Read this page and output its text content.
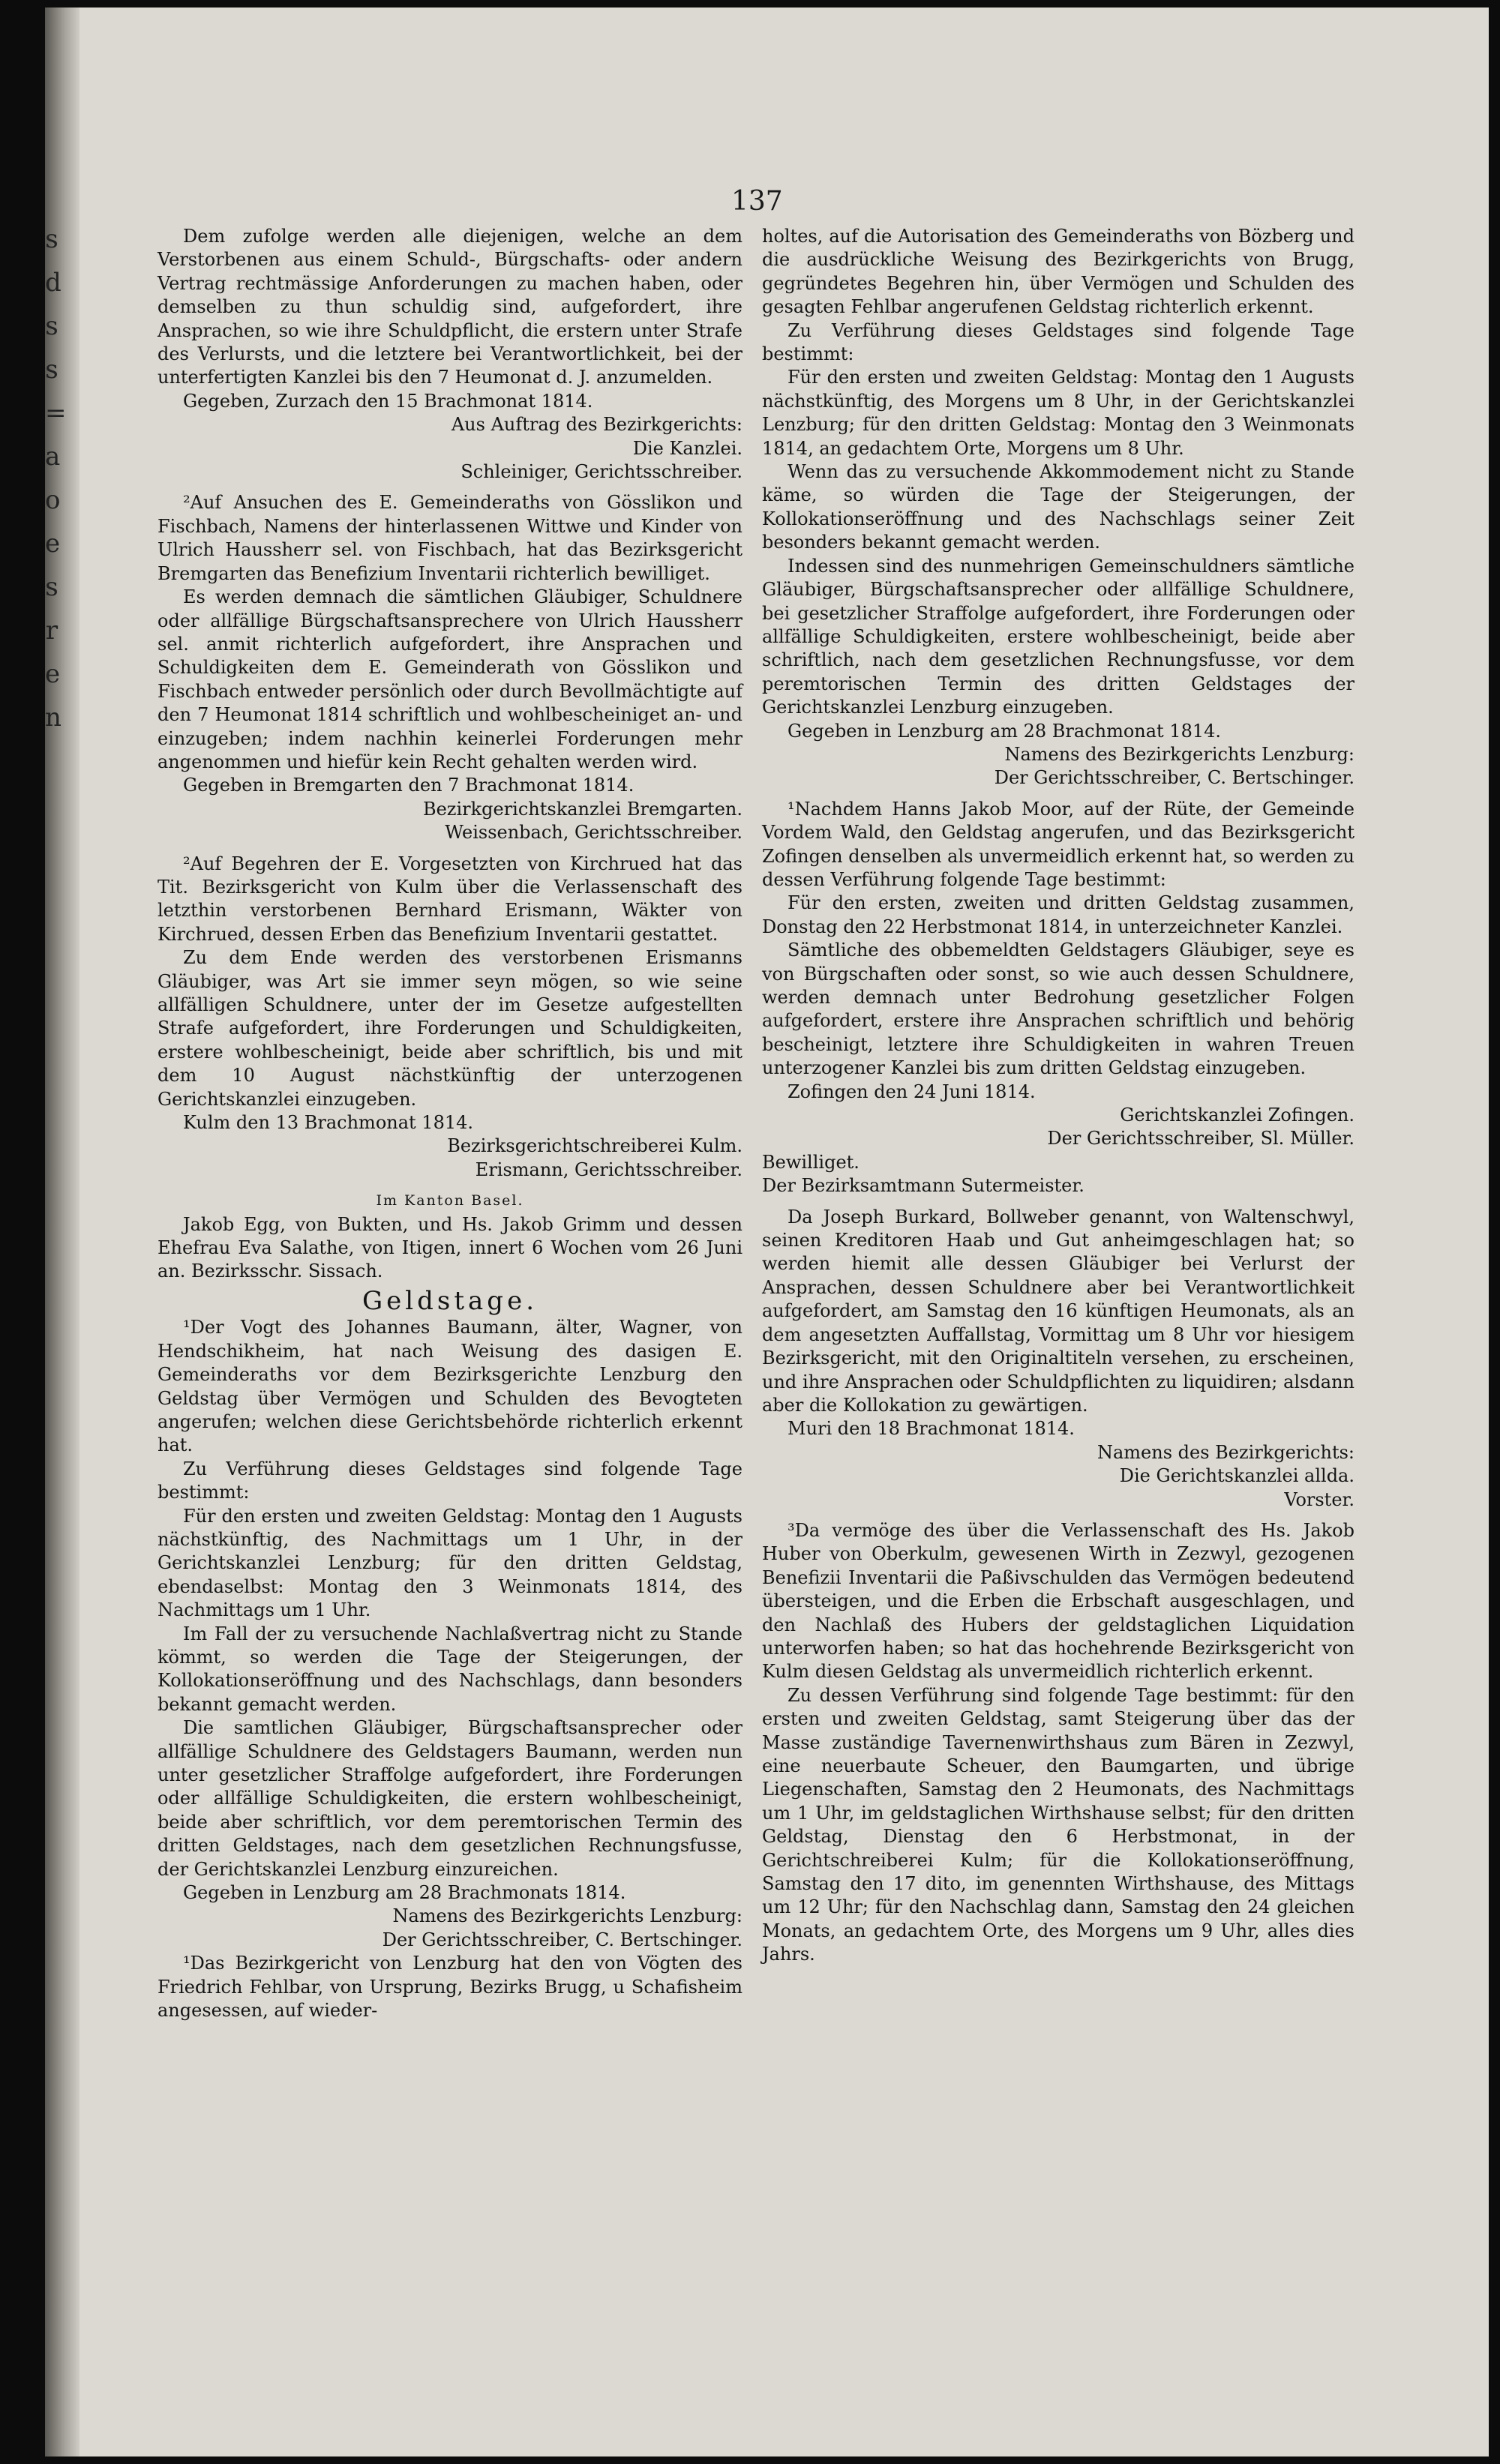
s
d
s
s
=
a
o
e
s
r
e
n
137

Dem zufolge werden alle diejenigen, welche an dem Verstorbenen aus einem Schuld-, Bürgschafts- oder andern Vertrag rechtmässige Anforderungen zu machen haben, oder demselben zu thun schuldig sind, aufgefordert, ihre Ansprachen, so wie ihre Schuldpflicht, die erstern unter Strafe des Verlursts, und die letztere bei Verantwortlichkeit, bei der unterfertigten Kanzlei bis den 7 Heumonat d. J. anzumelden.

Gegeben, Zurzach den 15 Brachmonat 1814.

Aus Auftrag des Bezirkgerichts:

Die Kanzlei.

Schleiniger, Gerichtsschreiber.

²Auf Ansuchen des E. Gemeinderaths von Gösslikon und Fischbach, Namens der hinterlassenen Wittwe und Kinder von Ulrich Haussherr sel. von Fischbach, hat das Bezirksgericht Bremgarten das Benefizium Inventarii richterlich bewilliget.

Es werden demnach die sämtlichen Gläubiger, Schuldnere oder allfällige Bürgschaftsansprechere von Ulrich Haussherr sel. anmit richterlich aufgefordert, ihre Ansprachen und Schuldigkeiten dem E. Gemeinderath von Gösslikon und Fischbach entweder persönlich oder durch Bevollmächtigte auf den 7 Heumonat 1814 schriftlich und wohlbescheiniget an- und einzugeben; indem nachhin keinerlei Forderungen mehr angenommen und hiefür kein Recht gehalten werden wird.

Gegeben in Bremgarten den 7 Brachmonat 1814.

Bezirkgerichtskanzlei Bremgarten.

Weissenbach, Gerichtsschreiber.

²Auf Begehren der E. Vorgesetzten von Kirchrued hat das Tit. Bezirksgericht von Kulm über die Verlassenschaft des letzthin verstorbenen Bernhard Erismann, Wäkter von Kirchrued, dessen Erben das Benefizium Inventarii gestattet.

Zu dem Ende werden des verstorbenen Erismanns Gläubiger, was Art sie immer seyn mögen, so wie seine allfälligen Schuldnere, unter der im Gesetze aufgestellten Strafe aufgefordert, ihre Forderungen und Schuldigkeiten, erstere wohlbescheinigt, beide aber schriftlich, bis und mit dem 10 August nächstkünftig der unterzogenen Gerichtskanzlei einzugeben.

Kulm den 13 Brachmonat 1814.

Bezirksgerichtschreiberei Kulm.

Erismann, Gerichtsschreiber.

Im Kanton Basel.

Jakob Egg, von Bukten, und Hs. Jakob Grimm und dessen Ehefrau Eva Salathe, von Itigen, innert 6 Wochen vom 26 Juni an. Bezirksschr. Sissach.

Geldstage.

¹Der Vogt des Johannes Baumann, älter, Wagner, von Hendschikheim, hat nach Weisung des dasigen E. Gemeinderaths vor dem Bezirksgerichte Lenzburg den Geldstag über Vermögen und Schulden des Bevogteten angerufen; welchen diese Gerichtsbehörde richterlich erkennt hat.

Zu Verführung dieses Geldstages sind folgende Tage bestimmt:

Für den ersten und zweiten Geldstag: Montag den 1 Augusts nächstkünftig, des Nachmittags um 1 Uhr, in der Gerichtskanzlei Lenzburg; für den dritten Geldstag, ebendaselbst: Montag den 3 Weinmonats 1814, des Nachmittags um 1 Uhr.

Im Fall der zu versuchende Nachlaßvertrag nicht zu Stande kömmt, so werden die Tage der Steigerungen, der Kollokationseröffnung und des Nachschlags, dann besonders bekannt gemacht werden.

Die samtlichen Gläubiger, Bürgschaftsansprecher oder allfällige Schuldnere des Geldstagers Baumann, werden nun unter gesetzlicher Straffolge aufgefordert, ihre Forderungen oder allfällige Schuldigkeiten, die erstern wohlbescheinigt, beide aber schriftlich, vor dem peremtorischen Termin des dritten Geldstages, nach dem gesetzlichen Rechnungsfusse, der Gerichtskanzlei Lenzburg einzureichen.

Gegeben in Lenzburg am 28 Brachmonats 1814.

Namens des Bezirkgerichts Lenzburg:

Der Gerichtsschreiber, C. Bertschinger.

¹Das Bezirkgericht von Lenzburg hat den von Vögten des Friedrich Fehlbar, von Ursprung, Bezirks Brugg, u Schafisheim angesessen, auf wieder-

holtes, auf die Autorisation des Gemeinderaths von Bözberg und die ausdrückliche Weisung des Bezirkgerichts von Brugg, gegründetes Begehren hin, über Vermögen und Schulden des gesagten Fehlbar angerufenen Geldstag richterlich erkennt.

Zu Verführung dieses Geldstages sind folgende Tage bestimmt:

Für den ersten und zweiten Geldstag: Montag den 1 Augusts nächstkünftig, des Morgens um 8 Uhr, in der Gerichtskanzlei Lenzburg; für den dritten Geldstag: Montag den 3 Weinmonats 1814, an gedachtem Orte, Morgens um 8 Uhr.

Wenn das zu versuchende Akkommodement nicht zu Stande käme, so würden die Tage der Steigerungen, der Kollokationseröffnung und des Nachschlags seiner Zeit besonders bekannt gemacht werden.

Indessen sind des nunmehrigen Gemeinschuldners sämtliche Gläubiger, Bürgschaftsansprecher oder allfällige Schuldnere, bei gesetzlicher Straffolge aufgefordert, ihre Forderungen oder allfällige Schuldigkeiten, erstere wohlbescheinigt, beide aber schriftlich, nach dem gesetzlichen Rechnungsfusse, vor dem peremtorischen Termin des dritten Geldstages der Gerichtskanzlei Lenzburg einzugeben.

Gegeben in Lenzburg am 28 Brachmonat 1814.

Namens des Bezirkgerichts Lenzburg:

Der Gerichtsschreiber, C. Bertschinger.

¹Nachdem Hanns Jakob Moor, auf der Rüte, der Gemeinde Vordem Wald, den Geldstag angerufen, und das Bezirksgericht Zofingen denselben als unvermeidlich erkennt hat, so werden zu dessen Verführung folgende Tage bestimmt:

Für den ersten, zweiten und dritten Geldstag zusammen, Donstag den 22 Herbstmonat 1814, in unterzeichneter Kanzlei.

Sämtliche des obbemeldten Geldstagers Gläubiger, seye es von Bürgschaften oder sonst, so wie auch dessen Schuldnere, werden demnach unter Bedrohung gesetzlicher Folgen aufgefordert, erstere ihre Ansprachen schriftlich und behörig bescheinigt, letztere ihre Schuldigkeiten in wahren Treuen unterzogener Kanzlei bis zum dritten Geldstag einzugeben.

Zofingen den 24 Juni 1814.

Gerichtskanzlei Zofingen.

Der Gerichtsschreiber, Sl. Müller.

Bewilliget.

Der Bezirksamtmann Sutermeister.

Da Joseph Burkard, Bollweber genannt, von Waltenschwyl, seinen Kreditoren Haab und Gut anheimgeschlagen hat; so werden hiemit alle dessen Gläubiger bei Verlurst der Ansprachen, dessen Schuldnere aber bei Verantwortlichkeit aufgefordert, am Samstag den 16 künftigen Heumonats, als an dem angesetzten Auffallstag, Vormittag um 8 Uhr vor hiesigem Bezirksgericht, mit den Originaltiteln versehen, zu erscheinen, und ihre Ansprachen oder Schuldpflichten zu liquidiren; alsdann aber die Kollokation zu gewärtigen.

Muri den 18 Brachmonat 1814.

Namens des Bezirkgerichts:

Die Gerichtskanzlei allda.

Vorster.

³Da vermöge des über die Verlassenschaft des Hs. Jakob Huber von Oberkulm, gewesenen Wirth in Zezwyl, gezogenen Benefizii Inventarii die Paßivschulden das Vermögen bedeutend übersteigen, und die Erben die Erbschaft ausgeschlagen, und den Nachlaß des Hubers der geldstaglichen Liquidation unterworfen haben; so hat das hochehrende Bezirksgericht von Kulm diesen Geldstag als unvermeidlich richterlich erkennt.

Zu dessen Verführung sind folgende Tage bestimmt: für den ersten und zweiten Geldstag, samt Steigerung über das der Masse zuständige Tavernenwirthshaus zum Bären in Zezwyl, eine neuerbaute Scheuer, den Baumgarten, und übrige Liegenschaften, Samstag den 2 Heumonats, des Nachmittags um 1 Uhr, im geldstaglichen Wirthshause selbst; für den dritten Geldstag, Dienstag den 6 Herbstmonat, in der Gerichtschreiberei Kulm; für die Kollokationseröffnung, Samstag den 17 dito, im genennten Wirthshause, des Mittags um 12 Uhr; für den Nachschlag dann, Samstag den 24 gleichen Monats, an gedachtem Orte, des Morgens um 9 Uhr, alles dies Jahrs.
